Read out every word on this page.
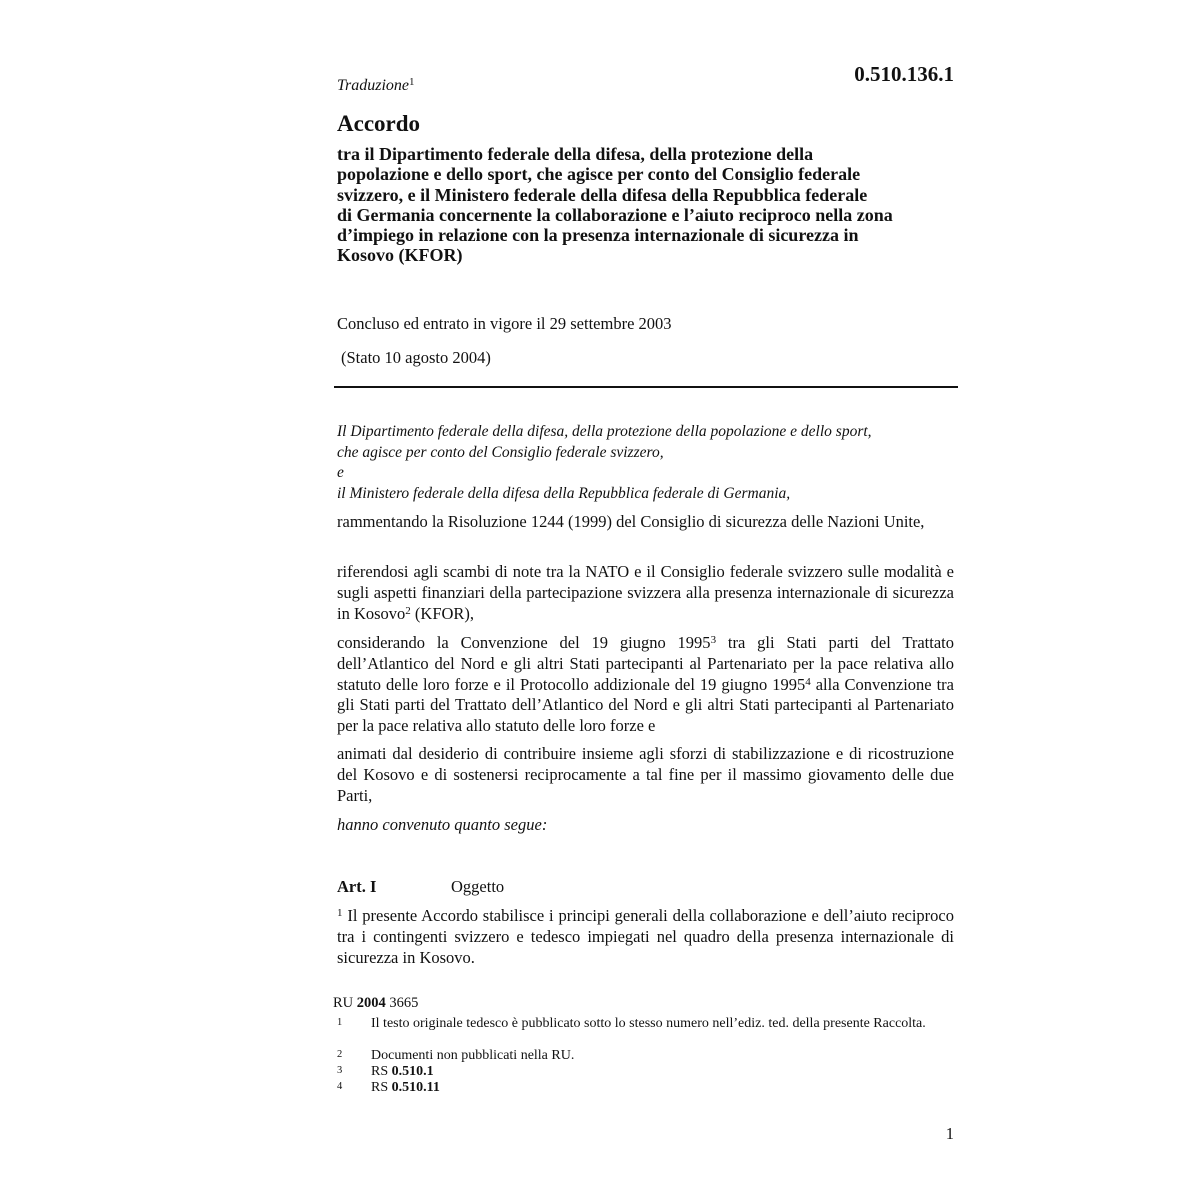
Traduzione$^1$	0.510.136.1
Accordo
tra il Dipartimento federale della difesa, della protezione della
popolazione e dello sport, che agisce per conto del Consiglio federale
svizzero, e il Ministero federale della difesa della Repubblica federale
di Germania concernente la collaborazione e l’aiuto reciproco nella zona
d’impiego in relazione con la presenza internazionale di sicurezza in
Kosovo (KFOR)
Concluso ed entrato in vigore il 29 settembre 2003
(Stato 10 agosto 2004)
Il Dipartimento federale della difesa, della protezione della popolazione e dello sport,
che agisce per conto del Consiglio federale svizzero,
e
il Ministero federale della difesa della Repubblica federale di Germania,
rammentando la Risoluzione 1244 (1999) del Consiglio di sicurezza delle Nazioni Unite,
riferendosi agli scambi di note tra la NATO e il Consiglio federale svizzero sulle modalità e sugli aspetti finanziari della partecipazione svizzera alla presenza internazionale di sicurezza in Kosovo$^2$ (KFOR),
considerando la Convenzione del 19 giugno 1995$^3$ tra gli Stati parti del Trattato dell’Atlantico del Nord e gli altri Stati partecipanti al Partenariato per la pace relativa allo statuto delle loro forze e il Protocollo addizionale del 19 giugno 1995$^4$ alla Convenzione tra gli Stati parti del Trattato dell’Atlantico del Nord e gli altri Stati partecipanti al Partenariato per la pace relativa allo statuto delle loro forze e
animati dal desiderio di contribuire insieme agli sforzi di stabilizzazione e di ricostruzione del Kosovo e di sostenersi reciprocamente a tal fine per il massimo giovamento delle due Parti,
hanno convenuto quanto segue:
Art. I	Oggetto
$^1$ Il presente Accordo stabilisce i principi generali della collaborazione e dell’aiuto reciproco tra i contingenti svizzero e tedesco impiegati nel quadro della presenza internazionale di sicurezza in Kosovo.
RU 2004 3665
1 Il testo originale tedesco è pubblicato sotto lo stesso numero nell’ediz. ted. della presente Raccolta.
2 Documenti non pubblicati nella RU.
3 RS 0.510.1
4 RS 0.510.11
1
